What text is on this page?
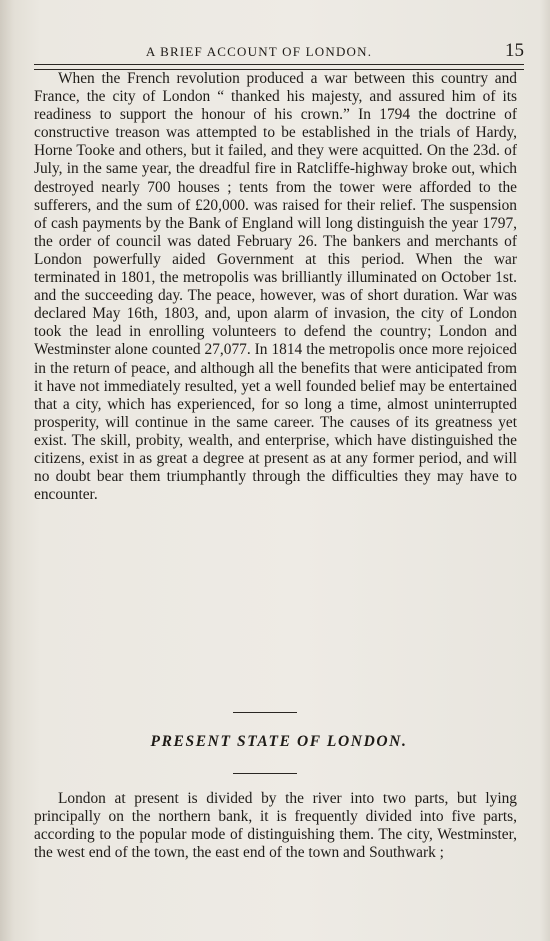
A BRIEF ACCOUNT OF LONDON.	15

When the French revolution produced a war between this country and France, the city of London “ thanked his majesty, and assured him of its readiness to support the honour of his crown.” In 1794 the doctrine of constructive treason was attempted to be established in the trials of Hardy, Horne Tooke and others, but it failed, and they were acquitted. On the 23d. of July, in the same year, the dreadful fire in Ratcliffe-highway broke out, which destroyed nearly 700 houses ; tents from the tower were afforded to the sufferers, and the sum of £20,000. was raised for their relief. The suspension of cash payments by the Bank of England will long distinguish the year 1797, the order of council was dated February 26. The bankers and merchants of London powerfully aided Government at this period. When the war terminated in 1801, the metropolis was brilliantly illuminated on October 1st. and the succeeding day. The peace, however, was of short duration. War was declared May 16th, 1803, and, upon alarm of invasion, the city of London took the lead in enrolling volunteers to defend the country; London and Westminster alone counted 27,077. In 1814 the metropolis once more rejoiced in the return of peace, and although all the benefits that were anticipated from it have not immediately resulted, yet a well founded belief may be entertained that a city, which has experienced, for so long a time, almost uninterrupted prosperity, will continue in the same career. The causes of its greatness yet exist. The skill, probity, wealth, and enterprise, which have distinguished the citizens, exist in as great a degree at present as at any former period, and will no doubt bear them triumphantly through the difficulties they may have to encounter.

PRESENT STATE OF LONDON.

London at present is divided by the river into two parts, but lying principally on the northern bank, it is frequently divided into five parts, according to the popular mode of distinguishing them. The city, Westminster, the west end of the town, the east end of the town and Southwark ;
